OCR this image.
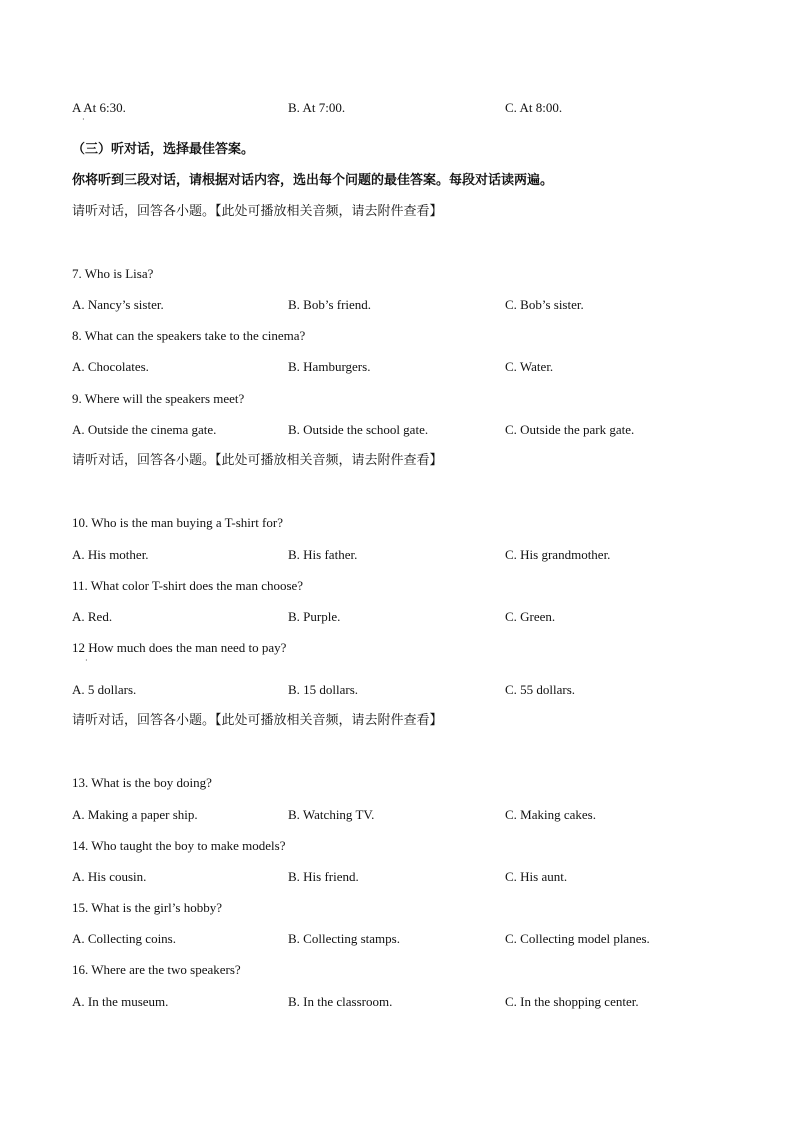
A At 6:30.
·
B. At 7:00.	C. At 8:00.
（三）听对话，选择最佳答案。
你将听到三段对话，请根据对话内容，选出每个问题的最佳答案。每段对话读两遍。
请听对话，回答各小题。【此处可播放相关音频，请去附件查看】
7. Who is Lisa?
A. Nancy’s sister.	B. Bob’s friend.	C. Bob’s sister.
8. What can the speakers take to the cinema?
A. Chocolates.	B. Hamburgers.	C. Water.
9. Where will the speakers meet?
A. Outside the cinema gate.	B. Outside the school gate.	C. Outside the park gate.
请听对话，回答各小题。【此处可播放相关音频，请去附件查看】
10. Who is the man buying a T-shirt for?
A. His mother.	B. His father.	C. His grandmother.
11. What color T-shirt does the man choose?
A. Red.	B. Purple.	C. Green.
12 How much does the man need to pay?
·
A. 5 dollars.	B. 15 dollars.	C. 55 dollars.
请听对话，回答各小题。【此处可播放相关音频，请去附件查看】
13. What is the boy doing?
A. Making a paper ship.	B. Watching TV.	C. Making cakes.
14. Who taught the boy to make models?
A. His cousin.	B. His friend.	C. His aunt.
15. What is the girl’s hobby?
A. Collecting coins.	B. Collecting stamps.	C. Collecting model planes.
16. Where are the two speakers?
A. In the museum.	B. In the classroom.	C. In the shopping center.
